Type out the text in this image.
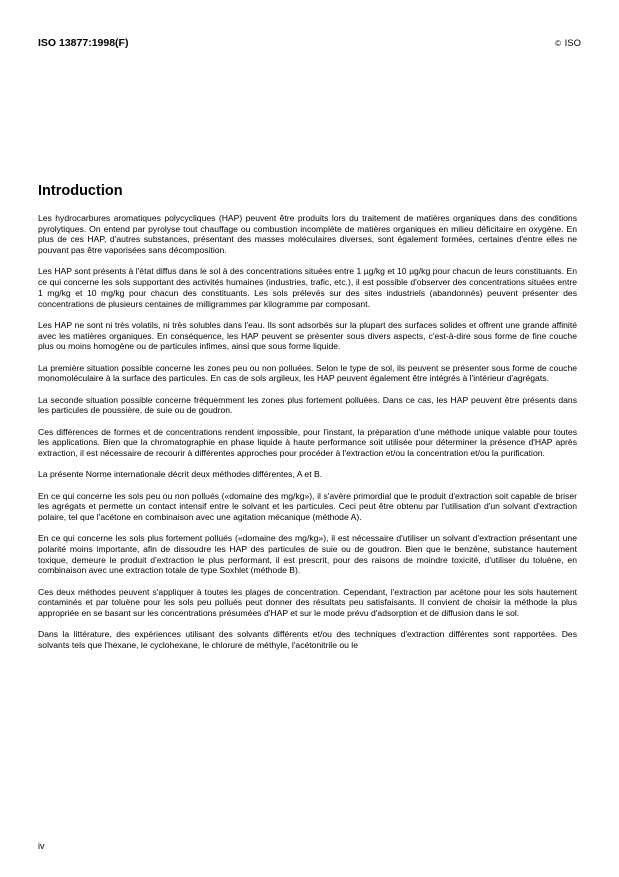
ISO 13877:1998(F)	© ISO
Introduction

Les hydrocarbures aromatiques polycycliques (HAP) peuvent être produits lors du traitement de matières organiques dans des conditions pyrolytiques. On entend par pyrolyse tout chauffage ou combustion incomplète de matières organiques en milieu déficitaire en oxygène. En plus de ces HAP, d'autres substances, présentant des masses moléculaires diverses, sont également formées, certaines d'entre elles ne pouvant pas être vaporisées sans décomposition.

Les HAP sont présents à l'état diffus dans le sol à des concentrations situées entre 1 µg/kg et 10 µg/kg pour chacun de leurs constituants. En ce qui concerne les sols supportant des activités humaines (industries, trafic, etc.), il est possible d'observer des concentrations situées entre 1 mg/kg et 10 mg/kg pour chacun des constituants. Les sols prélevés sur des sites industriels (abandonnés) peuvent présenter des concentrations de plusieurs centaines de milligrammes par kilogramme par composant.

Les HAP ne sont ni très volatils, ni très solubles dans l'eau. Ils sont adsorbés sur la plupart des surfaces solides et offrent une grande affinité avec les matières organiques. En conséquence, les HAP peuvent se présenter sous divers aspects, c'est-à-dire sous forme de fine couche plus ou moins homogène ou de particules infimes, ainsi que sous forme liquide.

La première situation possible concerne les zones peu ou non polluées. Selon le type de sol, ils peuvent se présenter sous forme de couche monomoléculaire à la surface des particules. En cas de sols argileux, les HAP peuvent également être intégrés à l'intérieur d'agrégats.

La seconde situation possible concerne fréquemment les zones plus fortement polluées. Dans ce cas, les HAP peuvent être présents dans les particules de poussière, de suie ou de goudron.

Ces différences de formes et de concentrations rendent impossible, pour l'instant, la préparation d'une méthode unique valable pour toutes les applications. Bien que la chromatographie en phase liquide à haute performance soit utilisée pour déterminer la présence d'HAP après extraction, il est nécessaire de recourir à différentes approches pour procéder à l'extraction et/ou la concentration et/ou la purification.

La présente Norme internationale décrit deux méthodes différentes, A et B.

En ce qui concerne les sols peu ou non pollués («domaine des mg/kg»), il s'avère primordial que le produit d'extraction soit capable de briser les agrégats et permette un contact intensif entre le solvant et les particules. Ceci peut être obtenu par l'utilisation d'un solvant d'extraction polaire, tel que l'acétone en combinaison avec une agitation mécanique (méthode A).

En ce qui concerne les sols plus fortement pollués («domaine des mg/kg»), il est nécessaire d'utiliser un solvant d'extraction présentant une polarité moins importante, afin de dissoudre les HAP des particules de suie ou de goudron. Bien que le benzène, substance hautement toxique, demeure le produit d'extraction le plus performant, il est prescrit, pour des raisons de moindre toxicité, d'utiliser du toluène, en combinaison avec une extraction totale de type Soxhlet (méthode B).

Ces deux méthodes peuvent s'appliquer à toutes les plages de concentration. Cependant, l'extraction par acétone pour les sols hautement contaminés et par toluène pour les sols peu pollués peut donner des résultats peu satisfaisants. Il convient de choisir la méthode la plus appropriée en se basant sur les concentrations présumées d'HAP et sur le mode prévu d'adsorption et de diffusion dans le sol.

Dans la littérature, des expériences utilisant des solvants différents et/ou des techniques d'extraction différentes sont rapportées. Des solvants tels que l'hexane, le cyclohexane, le chlorure de méthyle, l'acétonitrile ou le

iv
